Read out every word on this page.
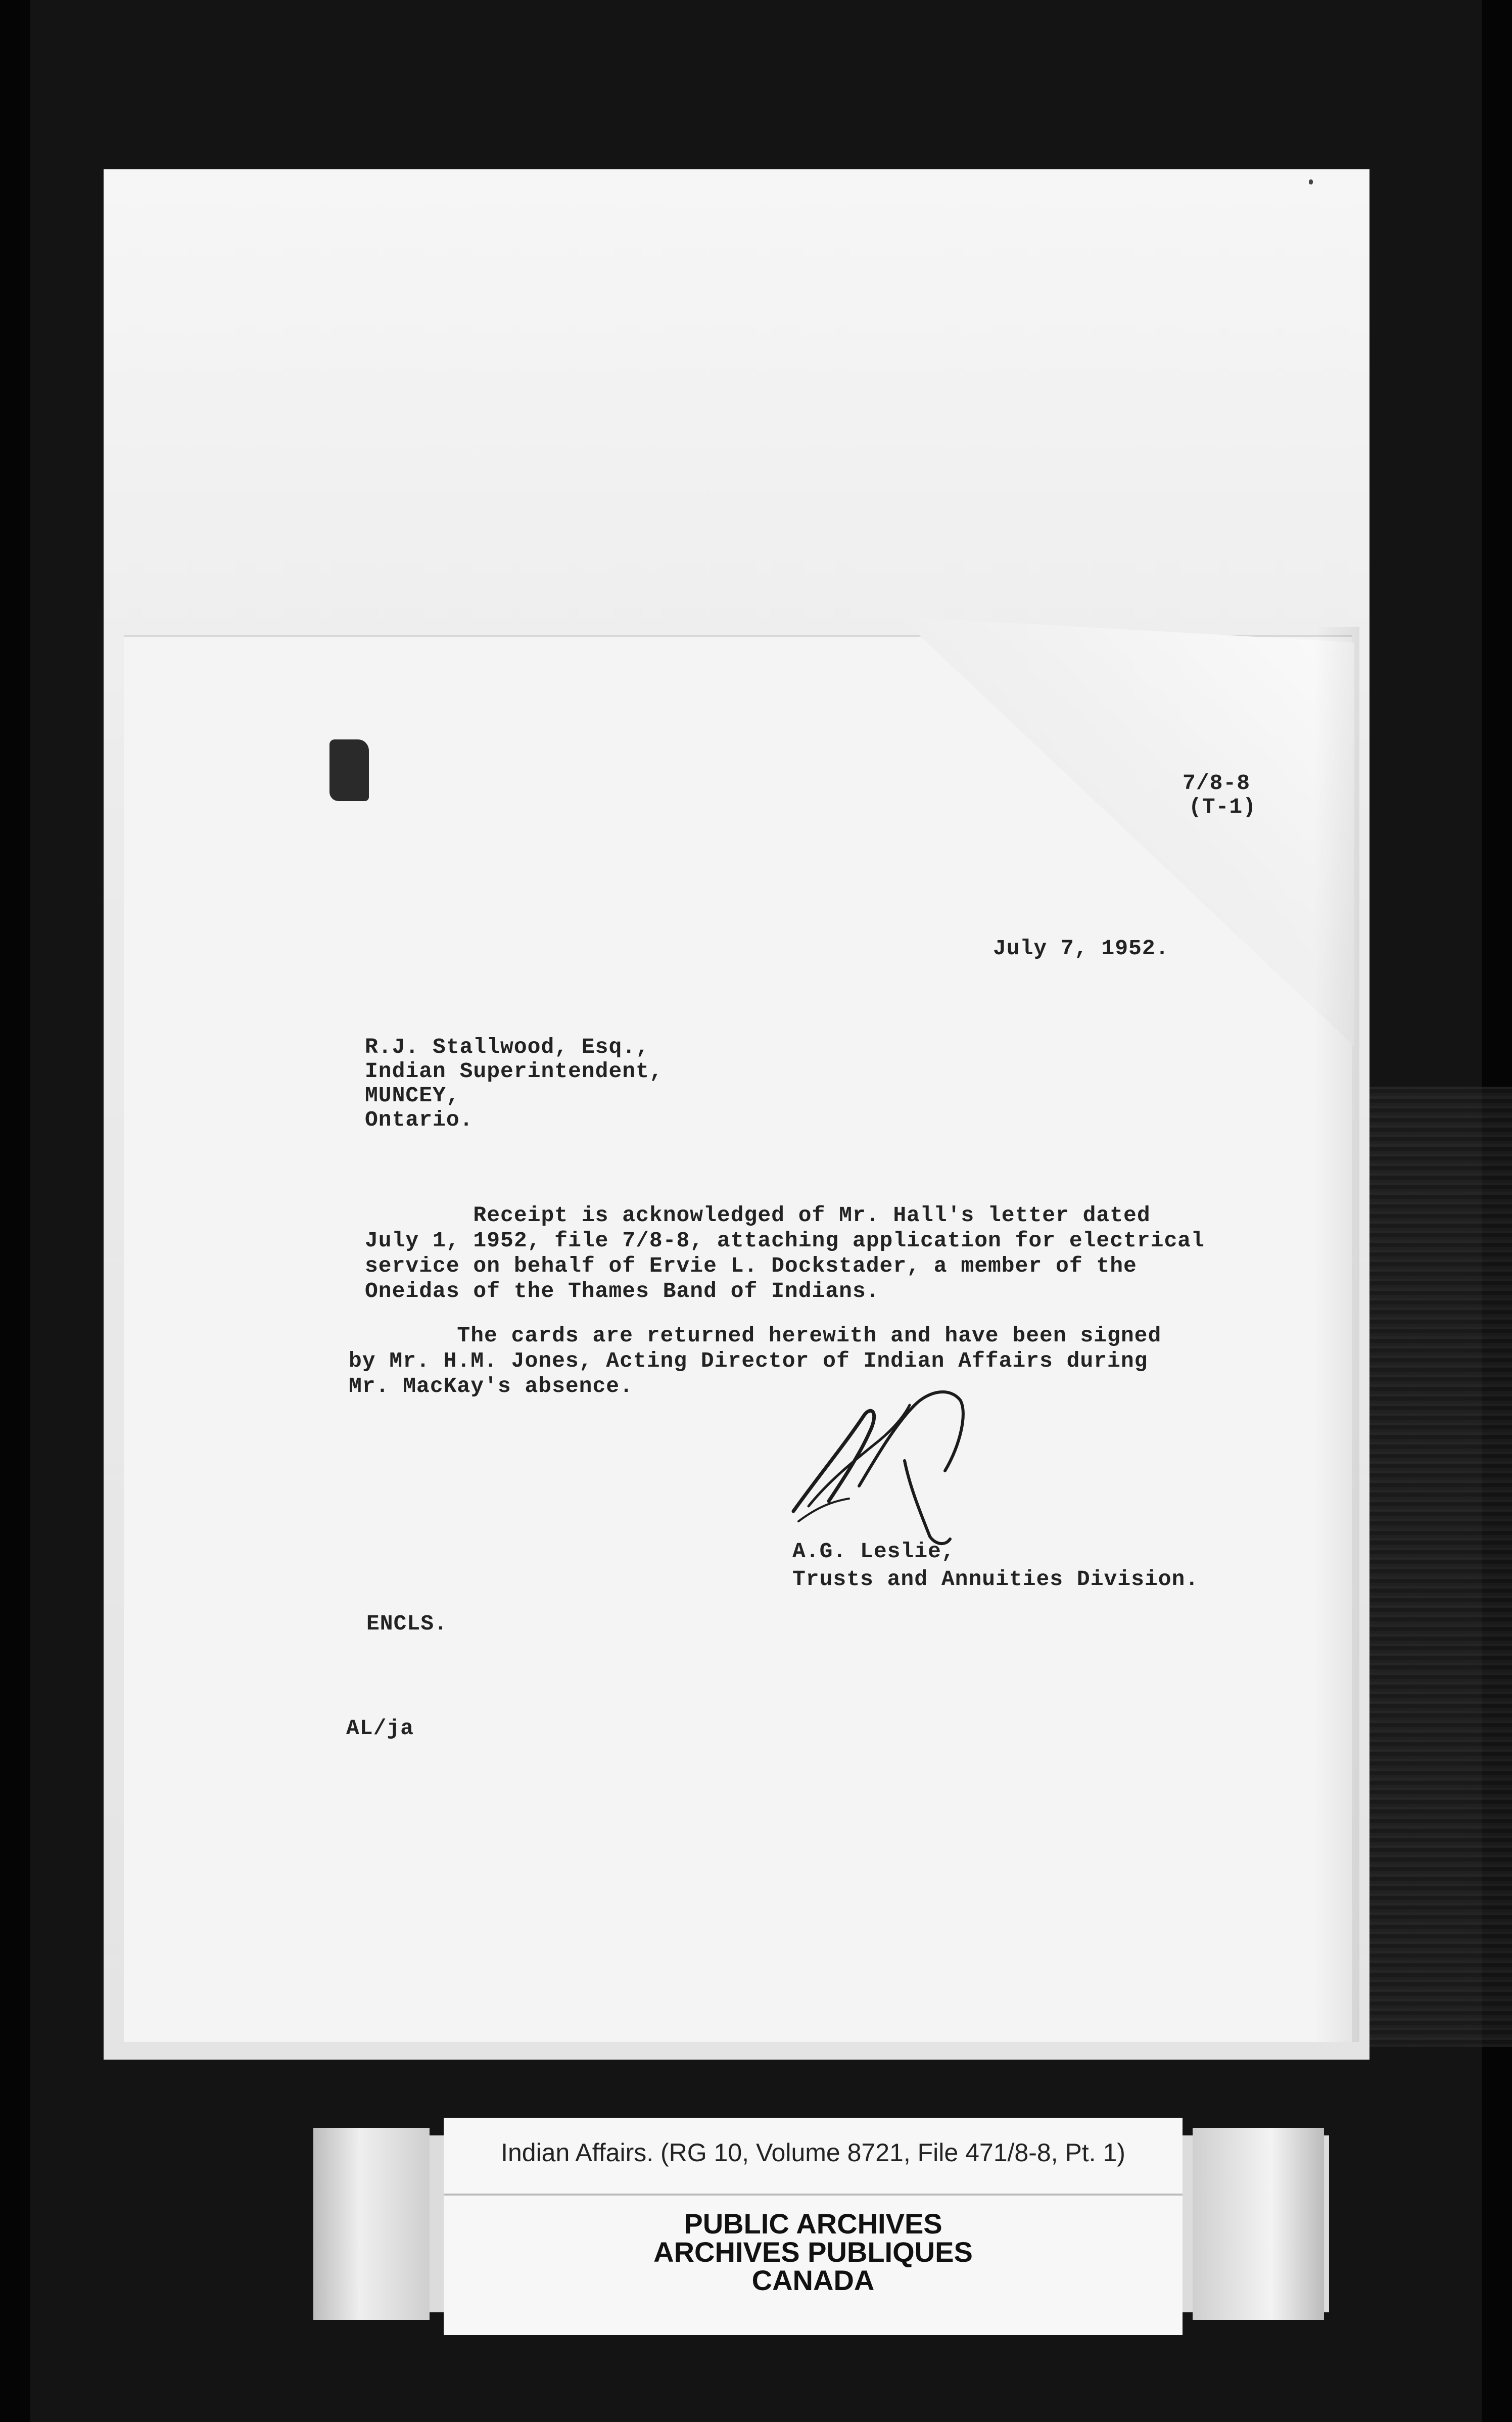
7/8-8
(T-1)
July 7, 1952.
R.J. Stallwood, Esq.,
Indian Superintendent,
MUNCEY,
Ontario.
Receipt is acknowledged of Mr. Hall's letter dated
July 1, 1952, file 7/8-8, attaching application for electrical
service on behalf of Ervie L. Dockstader, a member of the
Oneidas of the Thames Band of Indians.
The cards are returned herewith and have been signed
by Mr. H.M. Jones, Acting Director of Indian Affairs during
Mr. MacKay's absence.
A.G. Leslie,
Trusts and Annuities Division.
ENCLS.
AL/ja
Indian Affairs. (RG 10, Volume 8721, File 471/8-8, Pt. 1)
PUBLIC ARCHIVES
ARCHIVES PUBLIQUES
CANADA
